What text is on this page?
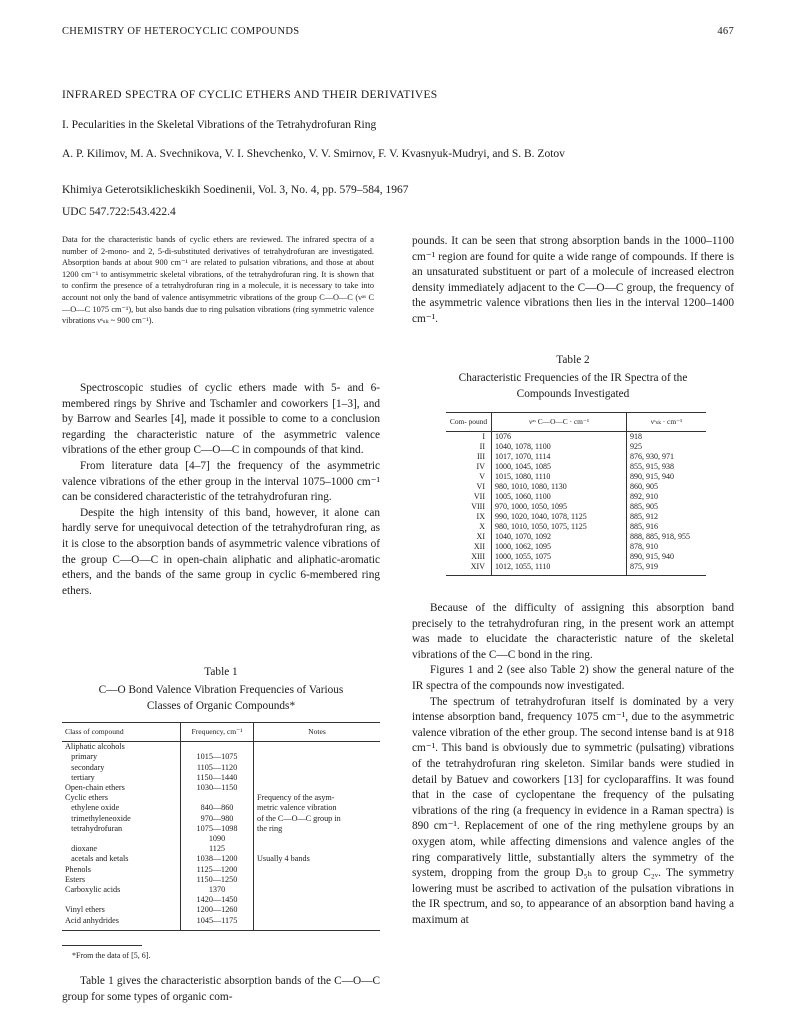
CHEMISTRY OF HETEROCYCLIC COMPOUNDS	467
INFRARED SPECTRA OF CYCLIC ETHERS AND THEIR DERIVATIVES
I. Pecularities in the Skeletal Vibrations of the Tetrahydrofuran Ring
A. P. Kilimov, M. A. Svechnikova, V. I. Shevchenko, V. V. Smirnov, F. V. Kvasnyuk-Mudryi, and S. B. Zotov
Khimiya Geterotsiklicheskikh Soedinenii, Vol. 3, No. 4, pp. 579–584, 1967
UDC 547.722:543.422.4
Data for the characteristic bands of cyclic ethers are reviewed. The infrared spectra of a number of 2-mono- and 2, 5-di-substituted derivatives of tetrahydrofuran are investigated. Absorption bands at about 900 cm⁻¹ are related to pulsation vibrations, and those at about 1200 cm⁻¹ to antisymmetric skeletal vibrations, of the tetrahydrofuran ring. It is shown that to confirm the presence of a tetrahydrofuran ring in a molecule, it is necessary to take into account not only the band of valence antisymmetric vibrations of the group C—O—C (νᵃˢ C—O—C 1075 cm⁻¹), but also bands due to ring pulsation vibrations (ring symmetric valence vibrations νˢₛₖ ~ 900 cm⁻¹).

Spectroscopic studies of cyclic ethers made with 5- and 6-membered rings by Shrive and Tschamler and coworkers [1–3], and by Barrow and Searles [4], made it possible to come to a conclusion regarding the characteristic nature of the asymmetric valence vibrations of the ether group C—O—C in compounds of that kind.

From literature data [4–7] the frequency of the asymmetric valence vibrations of the ether group in the interval 1075–1000 cm⁻¹ can be considered characteristic of the tetrahydrofuran ring.

Despite the high intensity of this band, however, it alone can hardly serve for unequivocal detection of the tetrahydrofuran ring, as it is close to the absorption bands of asymmetric valence vibrations of the group C—O—C in open-chain aliphatic and aliphatic-aromatic ethers, and the bands of the same group in cyclic 6-membered ring ethers.

Table 1
C—O Bond Valence Vibration Frequencies of Various Classes of Organic Compounds*
Class of compound	Frequency, cm⁻¹	Notes
Aliphatic alcohols		
primary	1015—1075	
secondary	1105—1120	
tertiary	1150—1440	
Open-chain ethers	1030—1150	

Cyclic ethers		Frequency of the asym-
ethylene oxide	840—860	metric valence vibration
trimethyleneoxide	970—980	of the C—O—C group in
tetrahydrofuran	1075—1098	the ring
	1090	
dioxane	1125	
acetals and ketals	1038—1200	Usually 4 bands
Phenols	1125—1200	
Esters	1150—1250	
Carboxylic acids	1370	
	1420—1450	
Vinyl ethers	1200—1260	
Acid anhydrides	1045—1175	

*From the data of [5, 6].

Table 1 gives the characteristic absorption bands of the C—O—C group for some types of organic com-

pounds. It can be seen that strong absorption bands in the 1000–1100 cm⁻¹ region are found for quite a wide range of compounds. If there is an unsaturated substituent or part of a molecule of increased electron density immediately adjacent to the C—O—C group, the frequency of the asymmetric valence vibrations then lies in the interval 1200–1400 cm⁻¹.

Table 2
Characteristic Frequencies of the IR Spectra of the Compounds Investigated
Com- pound	νᵃˢ C—O—C · cm⁻¹	νˢₛₖ · cm⁻¹
I	1076	918
II	1040, 1078, 1100	925
III	1017, 1070, 1114	876, 930, 971
IV	1000, 1045, 1085	855, 915, 938
V	1015, 1080, 1110	890, 915, 940
VI	980, 1010, 1080, 1130	860, 905
VII	1005, 1060, 1100	892, 910
VIII	970, 1000, 1050, 1095	885, 905
IX	990, 1020, 1040, 1078, 1125	885, 912
X	980, 1010, 1050, 1075, 1125	885, 916
XI	1040, 1070, 1092	888, 885, 918, 955
XII	1000, 1062, 1095	878, 910
XIII	1000, 1055, 1075	890, 915, 940
XIV	1012, 1055, 1110	875, 919

Because of the difficulty of assigning this absorption band precisely to the tetrahydrofuran ring, in the present work an attempt was made to elucidate the characteristic nature of the skeletal vibrations of the C—C bond in the ring.

Figures 1 and 2 (see also Table 2) show the general nature of the IR spectra of the compounds now investigated.

The spectrum of tetrahydrofuran itself is dominated by a very intense absorption band, frequency 1075 cm⁻¹, due to the asymmetric valence vibration of the ether group. The second intense band is at 918 cm⁻¹. This band is obviously due to symmetric (pulsating) vibrations of the tetrahydrofuran ring skeleton. Similar bands were studied in detail by Batuev and coworkers [13] for cycloparaffins. It was found that in the case of cyclopentane the frequency of the pulsating vibrations of the ring (a frequency in evidence in a Raman spectra) is 890 cm⁻¹. Replacement of one of the ring methylene groups by an oxygen atom, while affecting dimensions and valence angles of the ring comparatively little, substantially alters the symmetry of the system, dropping from the group D₅ₕ to group C₂ᵥ. The symmetry lowering must be ascribed to activation of the pulsation vibrations in the IR spectrum, and so, to appearance of an absorption band having a maximum at
